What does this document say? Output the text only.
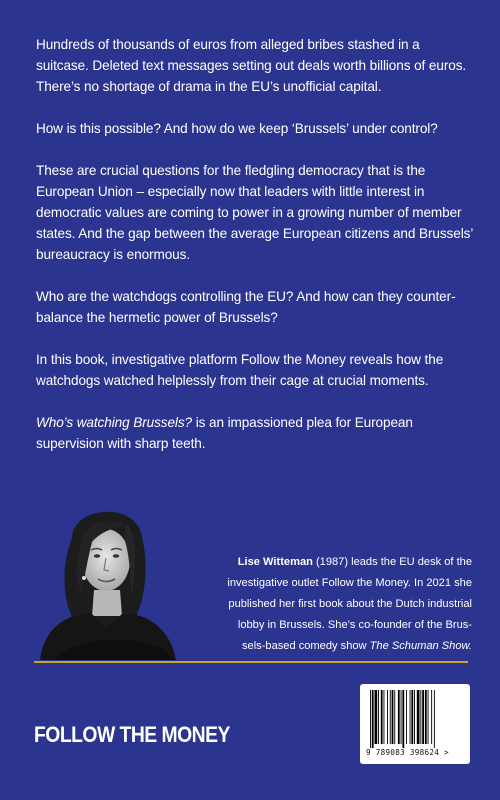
Hundreds of thousands of euros from alleged bribes stashed in a suitcase. Deleted text messages setting out deals worth billions of euros. There’s no shortage of drama in the EU’s unofficial capital.

How is this possible? And how do we keep ‘Brussels’ under control?

These are crucial questions for the fledgling democracy that is the European Union – especially now that leaders with little interest in democratic values are coming to power in a growing number of member states. And the gap between the average European citizens and Brussels’ bureaucracy is enormous.

Who are the watchdogs controlling the EU? And how can they counterbalance the hermetic power of Brussels?

In this book, investigative platform Follow the Money reveals how the watchdogs watched helplessly from their cage at crucial moments.

Who’s watching Brussels? is an impassioned plea for European supervision with sharp teeth.

Lise Witteman (1987) leads the EU desk of the
investigative outlet Follow the Money. In 2021 she
published her first book about the Dutch industrial
lobby in Brussels. She’s co-founder of the Brus-
sels-based comedy show The Schuman Show.
FOLLOW THE MONEY
9 789083 398624 >
